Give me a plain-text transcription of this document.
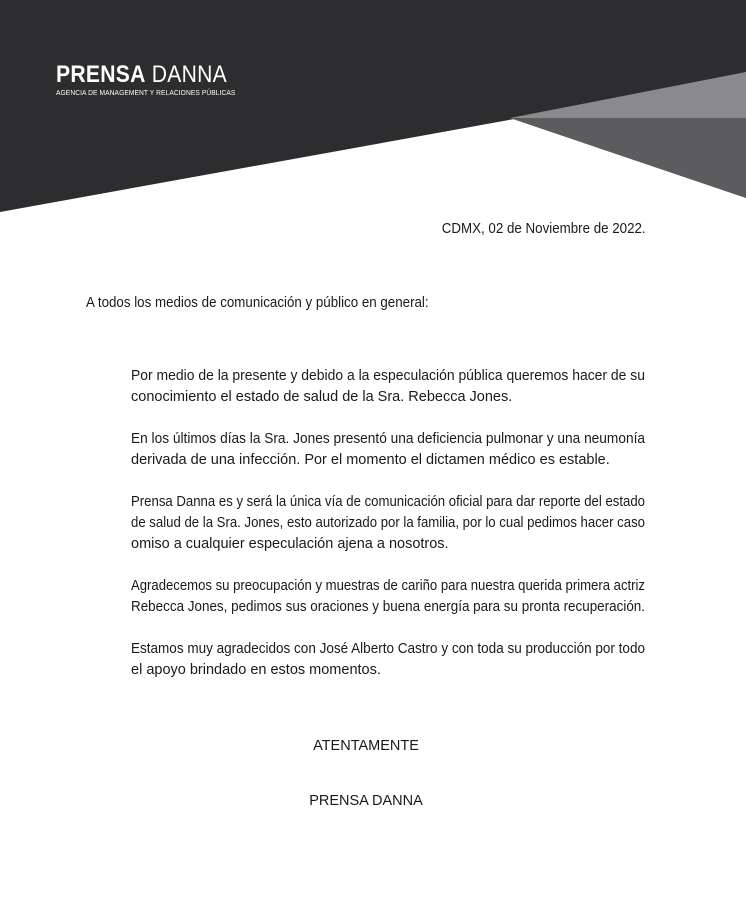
PRENSA DANNA
AGENCIA DE MANAGEMENT Y RELACIONES PÚBLICAS
CDMX, 02 de Noviembre de 2022.
A todos los medios de comunicación y público en general:
Por medio de la presente y debido a la especulación pública queremos hacer de su
conocimiento el estado de salud de la Sra. Rebecca Jones.
En los últimos días la Sra. Jones presentó una deficiencia pulmonar y una neumonía
derivada de una infección. Por el momento el dictamen médico es estable.
Prensa Danna es y será la única vía de comunicación oficial para dar reporte del estado
de salud de la Sra. Jones, esto autorizado por la familia, por lo cual pedimos hacer caso
omiso a cualquier especulación ajena a nosotros.
Agradecemos su preocupación y muestras de cariño para nuestra querida primera actriz
Rebecca Jones, pedimos sus oraciones y buena energía para su pronta recuperación.
Estamos muy agradecidos con José Alberto Castro y con toda su producción por todo
el apoyo brindado en estos momentos.
ATENTAMENTE
PRENSA DANNA
